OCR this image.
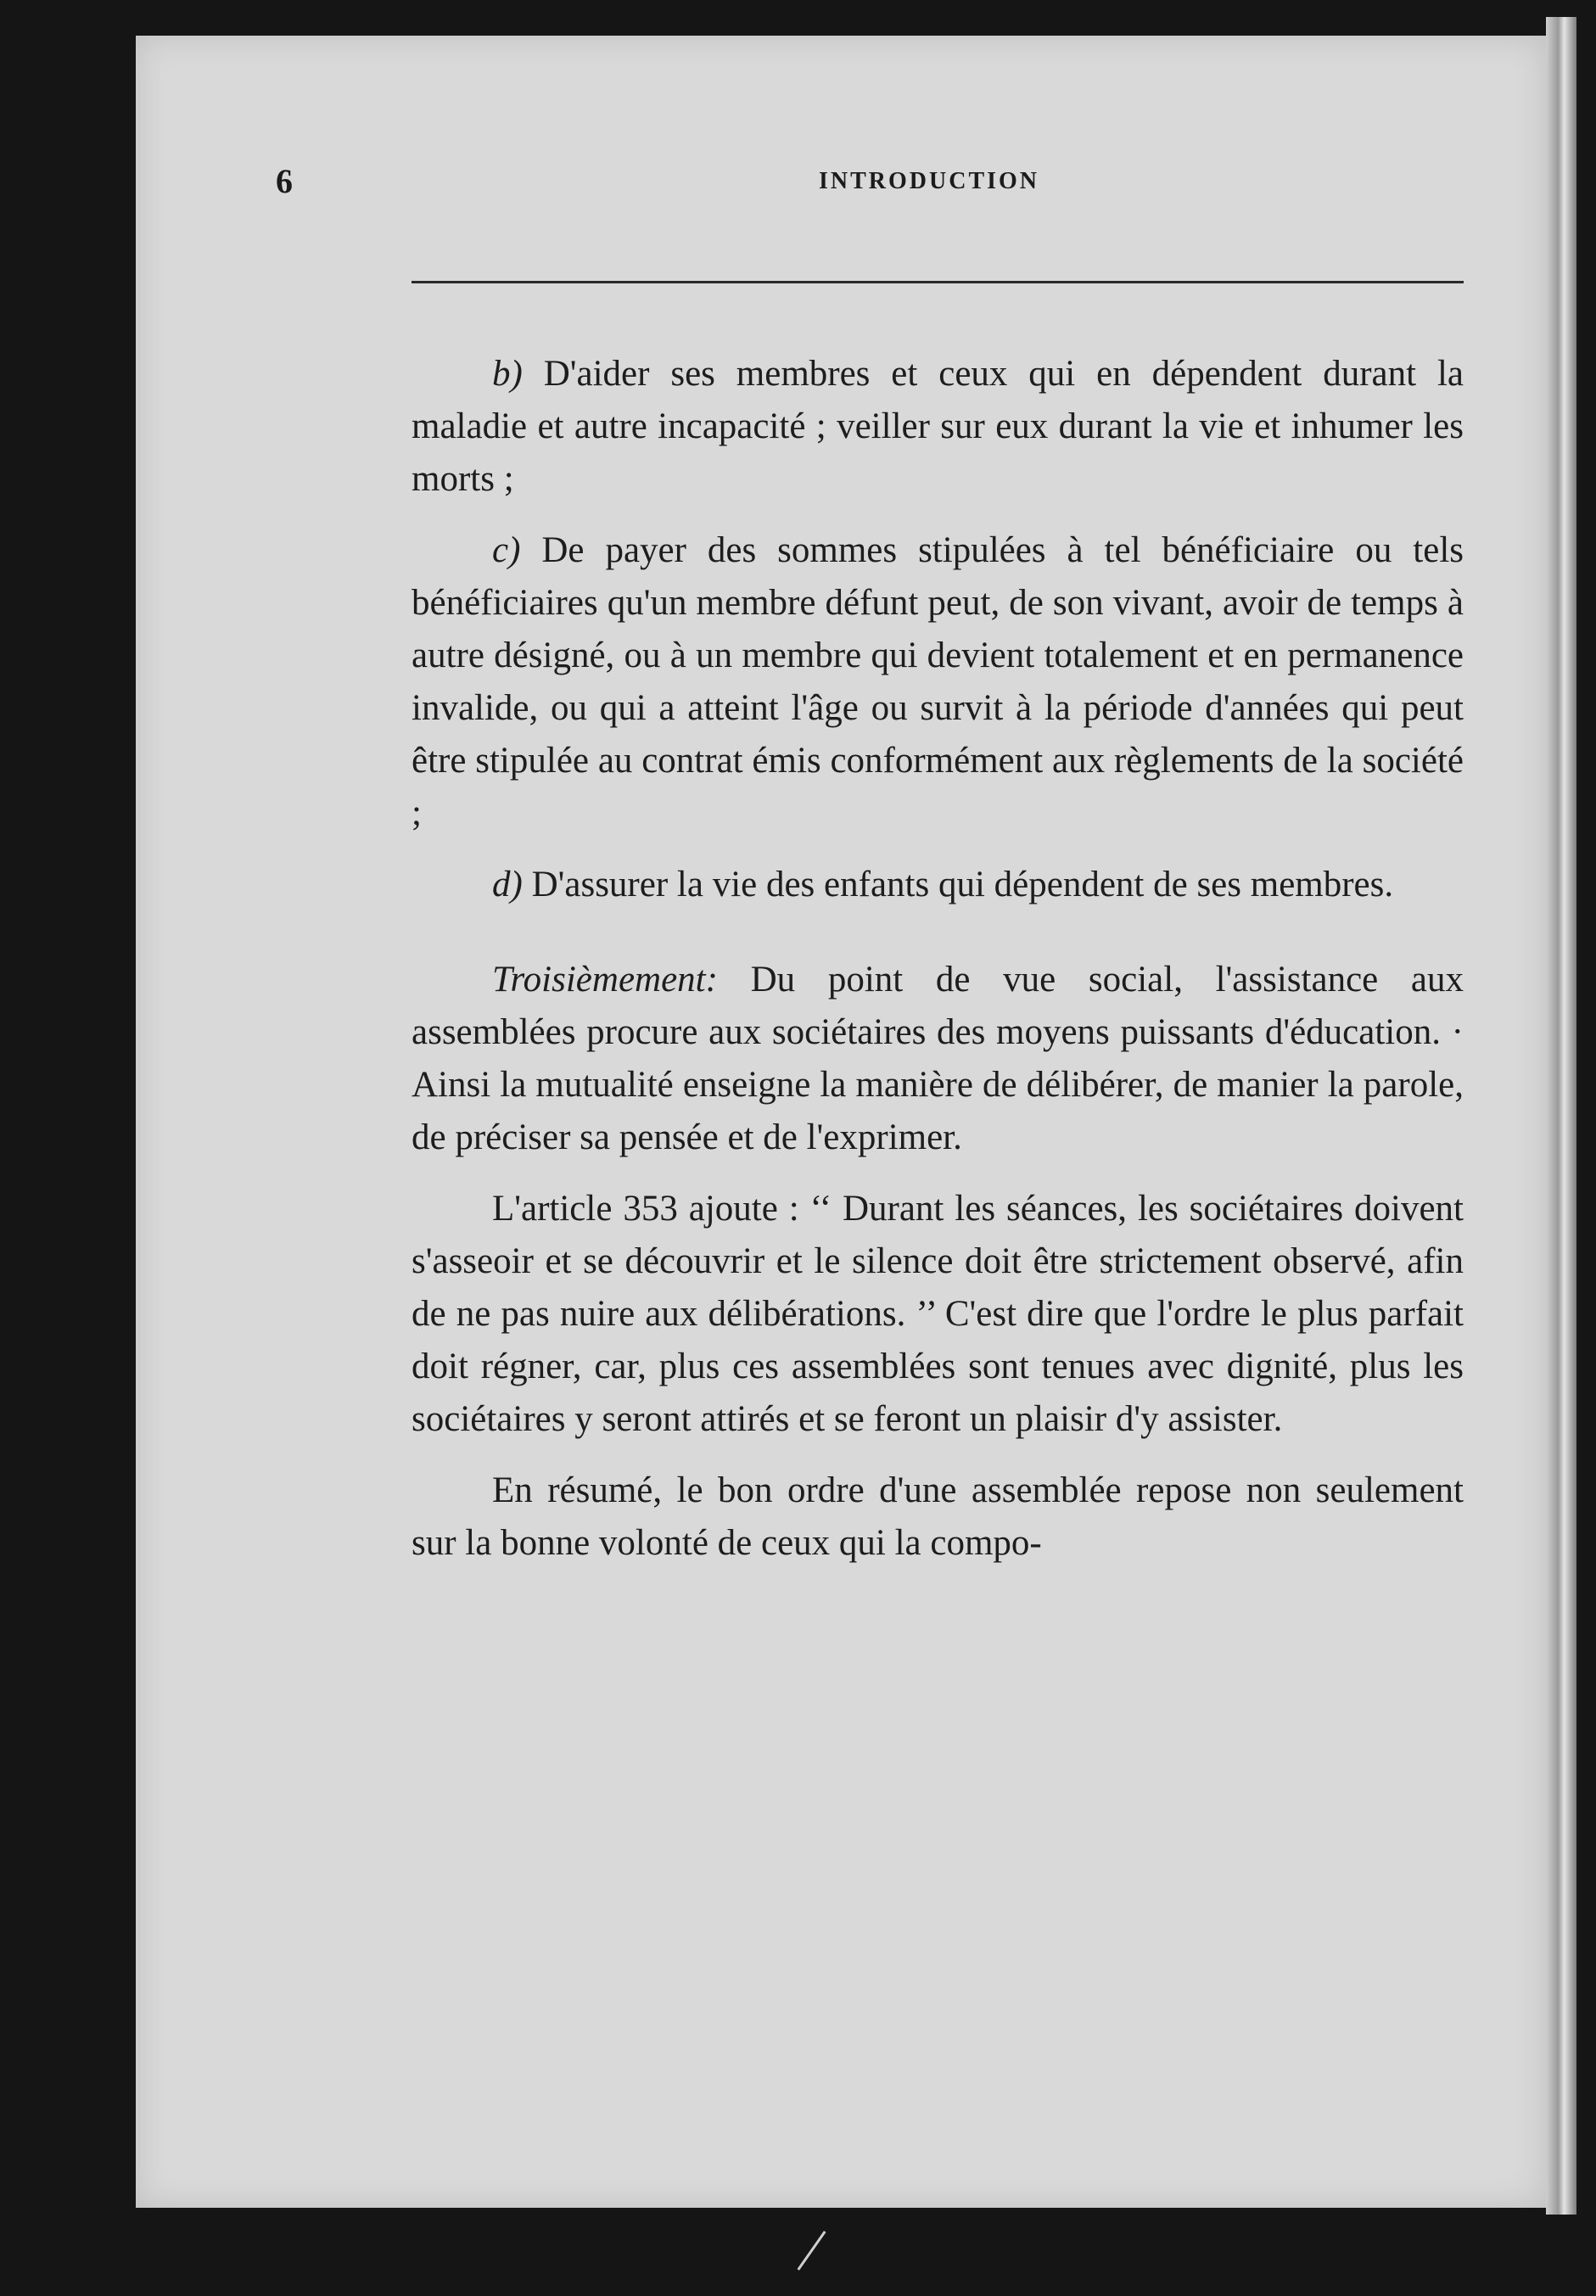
6	INTRODUCTION

b) D'aider ses membres et ceux qui en dépendent durant la maladie et autre incapacité ; veiller sur eux durant la vie et inhumer les morts ;

c) De payer des sommes stipulées à tel bénéficiaire ou tels bénéficiaires qu'un membre défunt peut, de son vivant, avoir de temps à autre désigné, ou à un membre qui devient totalement et en permanence invalide, ou qui a atteint l'âge ou survit à la période d'années qui peut être stipulée au contrat émis conformément aux règlements de la société ;

d) D'assurer la vie des enfants qui dépendent de ses membres.

Troisièmement: Du point de vue social, l'assistance aux assemblées procure aux sociétaires des moyens puissants d'éducation. · Ainsi la mutualité enseigne la manière de délibérer, de manier la parole, de préciser sa pensée et de l'exprimer.

L'article 353 ajoute : ‘‘ Durant les séances, les sociétaires doivent s'asseoir et se découvrir et le silence doit être strictement observé, afin de ne pas nuire aux délibérations. ’’ C'est dire que l'ordre le plus parfait doit régner, car, plus ces assemblées sont tenues avec dignité, plus les sociétaires y seront attirés et se feront un plaisir d'y assister.

En résumé, le bon ordre d'une assemblée repose non seulement sur la bonne volonté de ceux qui la compo-
